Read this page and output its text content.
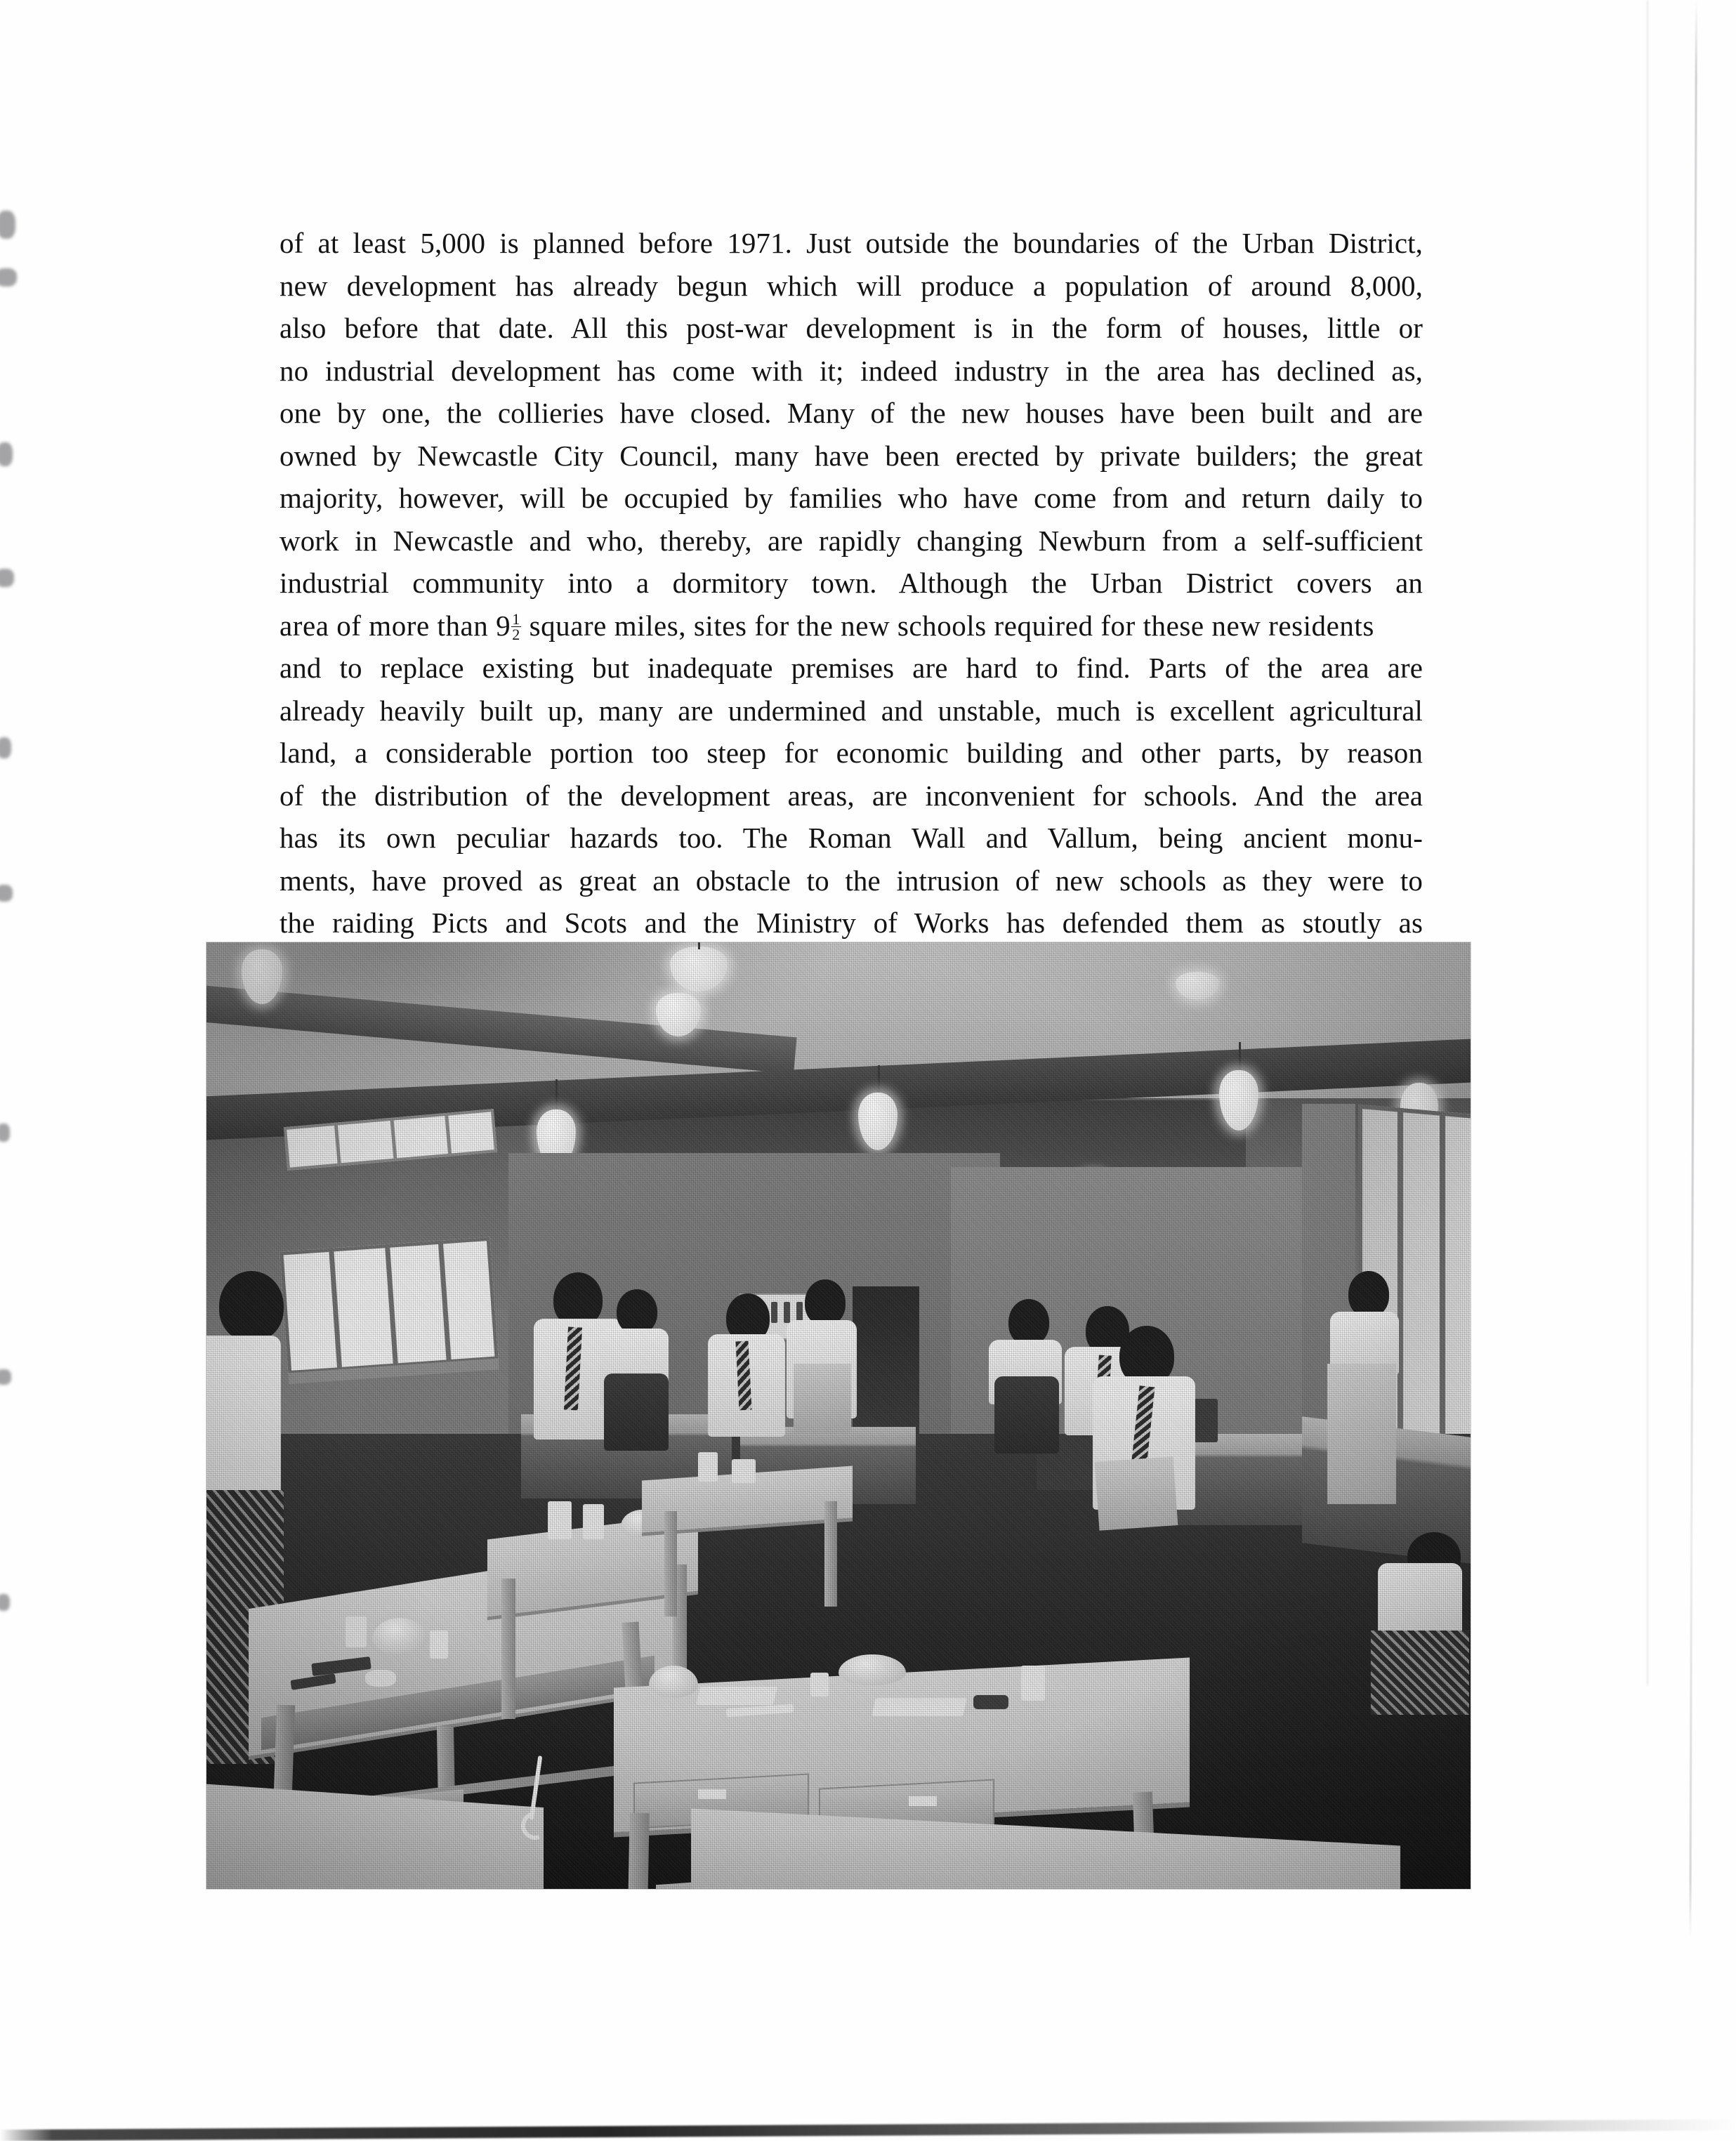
of at least 5,000 is planned before 1971. Just outside the boundaries of the Urban District,
new development has already begun which will produce a population of around 8,000,
also before that date. All this post-war development is in the form of houses, little or
no industrial development has come with it; indeed industry in the area has declined as,
one by one, the collieries have closed. Many of the new houses have been built and are
owned by Newcastle City Council, many have been erected by private builders; the great
majority, however, will be occupied by families who have come from and return daily to
work in Newcastle and who, thereby, are rapidly changing Newburn from a self-sufficient
industrial community into a dormitory town. Although the Urban District covers an
area of more than $9 \frac{1}{2}$ square miles, sites for the new schools required for these new residents
and to replace existing but inadequate premises are hard to find. Parts of the area are
already heavily built up, many are undermined and unstable, much is excellent agricultural
land, a considerable portion too steep for economic building and other parts, by reason
of the distribution of the development areas, are inconvenient for schools. And the area
has its own peculiar hazards too. The Roman Wall and Vallum, being ancient monu-
ments, have proved as great an obstacle to the intrusion of new schools as they were to
the raiding Picts and Scots and the Ministry of Works has defended them as stoutly as
